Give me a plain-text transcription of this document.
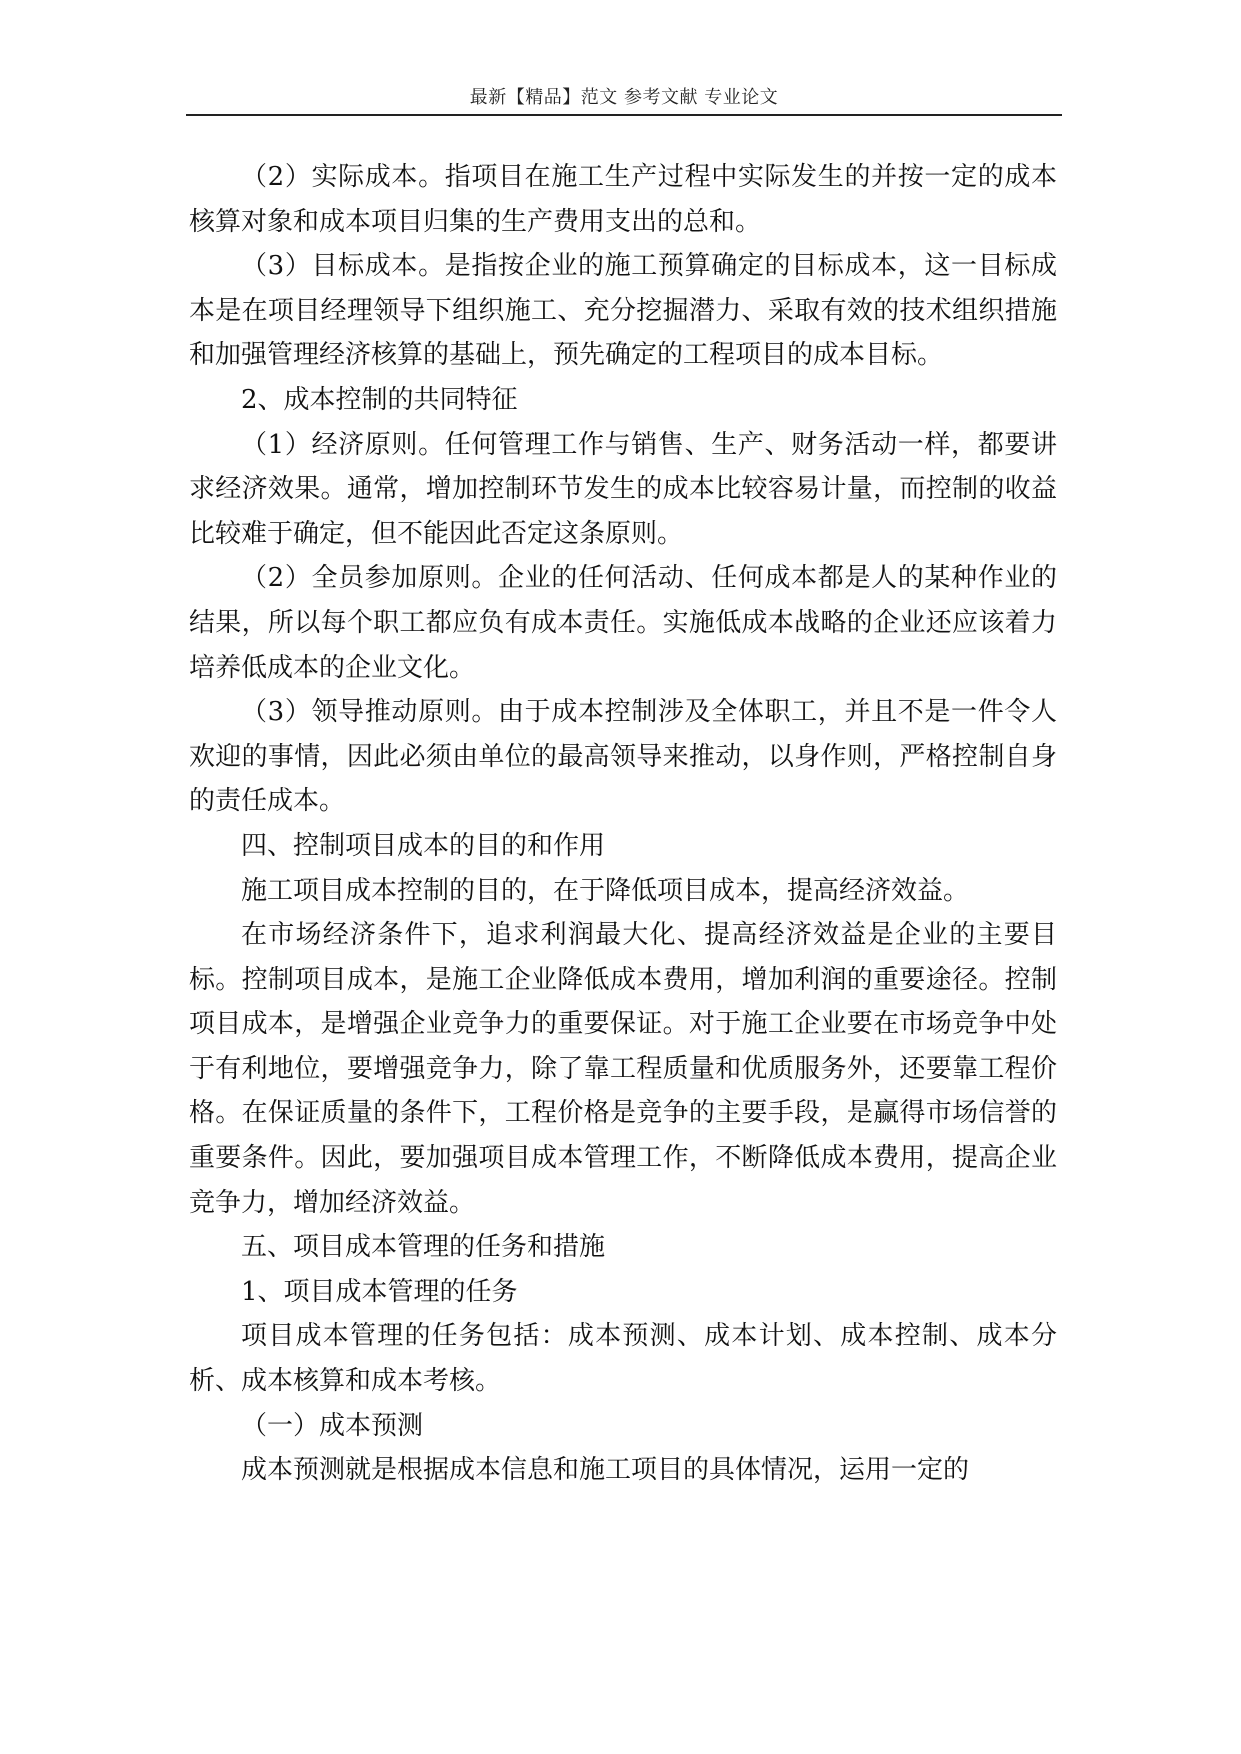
最新【精品】范文 参考文献 专业论文

（2）实际成本。指项目在施工生产过程中实际发生的并按一定的成本核算对象和成本项目归集的生产费用支出的总和。

（3）目标成本。是指按企业的施工预算确定的目标成本，这一目标成本是在项目经理领导下组织施工、充分挖掘潜力、采取有效的技术组织措施和加强管理经济核算的基础上，预先确定的工程项目的成本目标。

2、成本控制的共同特征

（1）经济原则。任何管理工作与销售、生产、财务活动一样，都要讲求经济效果。通常，增加控制环节发生的成本比较容易计量，而控制的收益比较难于确定，但不能因此否定这条原则。

（2）全员参加原则。企业的任何活动、任何成本都是人的某种作业的结果，所以每个职工都应负有成本责任。实施低成本战略的企业还应该着力培养低成本的企业文化。

（3）领导推动原则。由于成本控制涉及全体职工，并且不是一件令人欢迎的事情，因此必须由单位的最高领导来推动，以身作则，严格控制自身的责任成本。

四、控制项目成本的目的和作用

施工项目成本控制的目的，在于降低项目成本，提高经济效益。

在市场经济条件下，追求利润最大化、提高经济效益是企业的主要目标。控制项目成本，是施工企业降低成本费用，增加利润的重要途径。控制项目成本，是增强企业竞争力的重要保证。对于施工企业要在市场竞争中处于有利地位，要增强竞争力，除了靠工程质量和优质服务外，还要靠工程价格。在保证质量的条件下，工程价格是竞争的主要手段，是赢得市场信誉的重要条件。因此，要加强项目成本管理工作，不断降低成本费用，提高企业竞争力，增加经济效益。

五、项目成本管理的任务和措施

1、项目成本管理的任务

项目成本管理的任务包括：成本预测、成本计划、成本控制、成本分析、成本核算和成本考核。

（一）成本预测

成本预测就是根据成本信息和施工项目的具体情况，运用一定的
